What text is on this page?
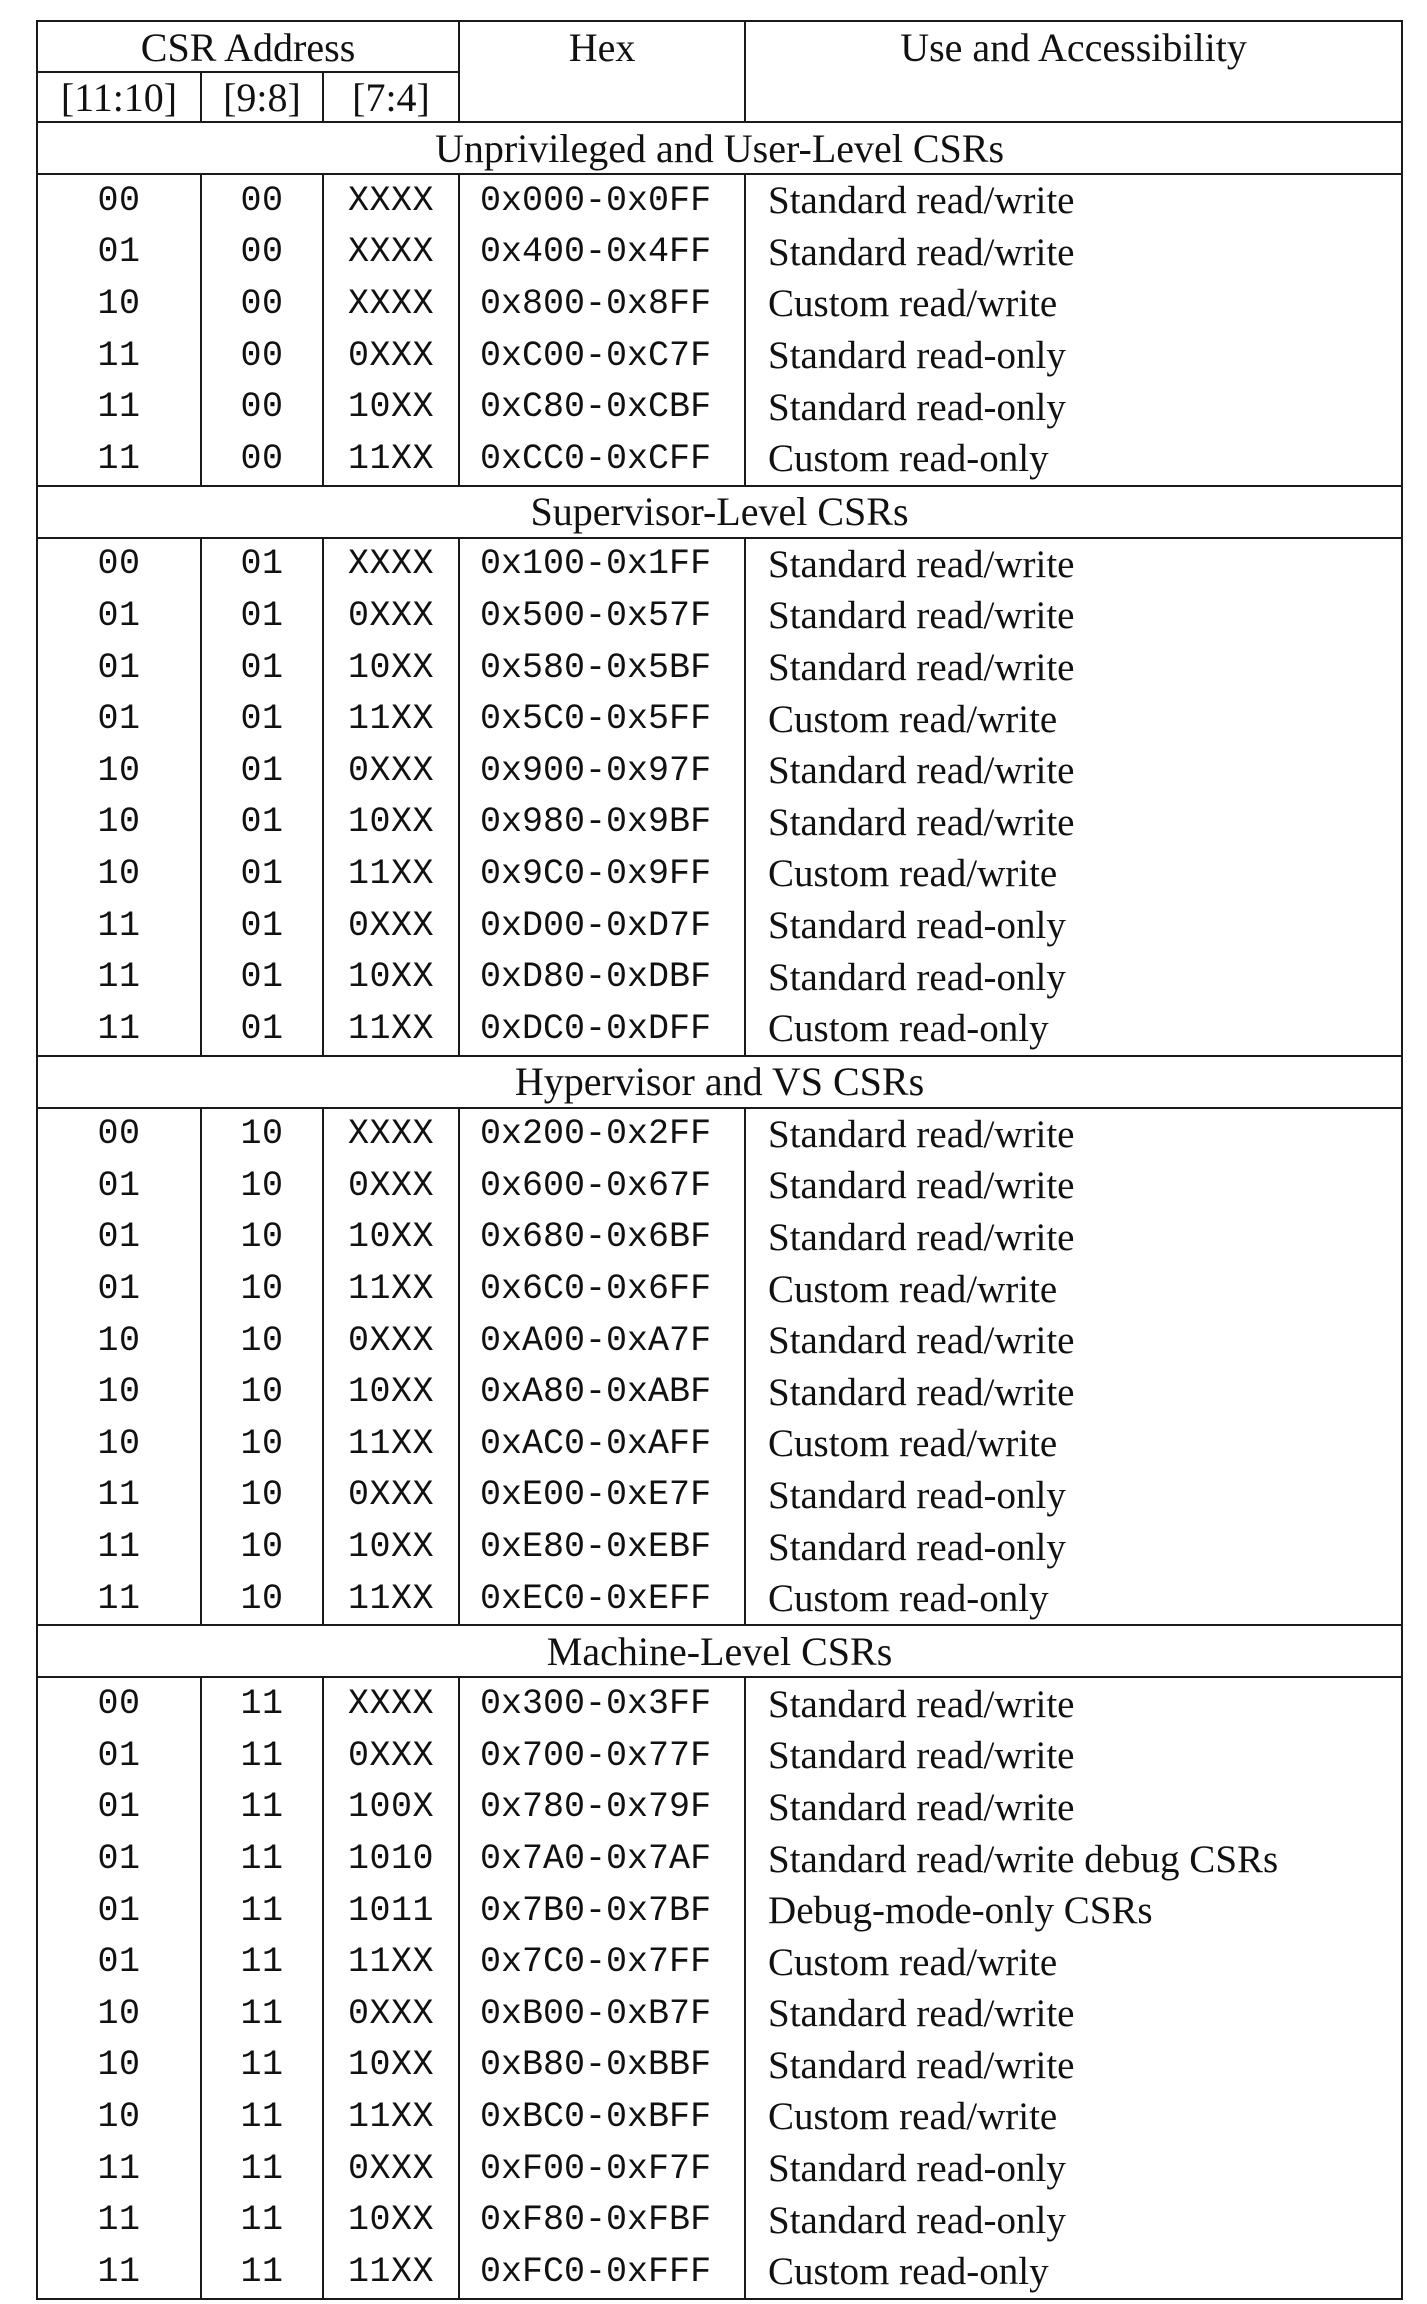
CSR Address			Hex	Use and Accessibility
[11:10]	[9:8]	[7:4]		
Unprivileged and User-Level CSRs				
00	00	XXXX	0x000-0x0FF	Standard read/write
01	00	XXXX	0x400-0x4FF	Standard read/write
10	00	XXXX	0x800-0x8FF	Custom read/write
11	00	0XXX	0xC00-0xC7F	Standard read-only
11	00	10XX	0xC80-0xCBF	Standard read-only
11	00	11XX	0xCC0-0xCFF	Custom read-only
Supervisor-Level CSRs				
00	01	XXXX	0x100-0x1FF	Standard read/write
01	01	0XXX	0x500-0x57F	Standard read/write
01	01	10XX	0x580-0x5BF	Standard read/write
01	01	11XX	0x5C0-0x5FF	Custom read/write
10	01	0XXX	0x900-0x97F	Standard read/write
10	01	10XX	0x980-0x9BF	Standard read/write
10	01	11XX	0x9C0-0x9FF	Custom read/write
11	01	0XXX	0xD00-0xD7F	Standard read-only
11	01	10XX	0xD80-0xDBF	Standard read-only
11	01	11XX	0xDC0-0xDFF	Custom read-only
Hypervisor and VS CSRs				
00	10	XXXX	0x200-0x2FF	Standard read/write
01	10	0XXX	0x600-0x67F	Standard read/write
01	10	10XX	0x680-0x6BF	Standard read/write
01	10	11XX	0x6C0-0x6FF	Custom read/write
10	10	0XXX	0xA00-0xA7F	Standard read/write
10	10	10XX	0xA80-0xABF	Standard read/write
10	10	11XX	0xAC0-0xAFF	Custom read/write
11	10	0XXX	0xE00-0xE7F	Standard read-only
11	10	10XX	0xE80-0xEBF	Standard read-only
11	10	11XX	0xEC0-0xEFF	Custom read-only
Machine-Level CSRs				
00	11	XXXX	0x300-0x3FF	Standard read/write
01	11	0XXX	0x700-0x77F	Standard read/write
01	11	100X	0x780-0x79F	Standard read/write
01	11	1010	0x7A0-0x7AF	Standard read/write debug CSRs
01	11	1011	0x7B0-0x7BF	Debug-mode-only CSRs
01	11	11XX	0x7C0-0x7FF	Custom read/write
10	11	0XXX	0xB00-0xB7F	Standard read/write
10	11	10XX	0xB80-0xBBF	Standard read/write
10	11	11XX	0xBC0-0xBFF	Custom read/write
11	11	0XXX	0xF00-0xF7F	Standard read-only
11	11	10XX	0xF80-0xFBF	Standard read-only
11	11	11XX	0xFC0-0xFFF	Custom read-only
